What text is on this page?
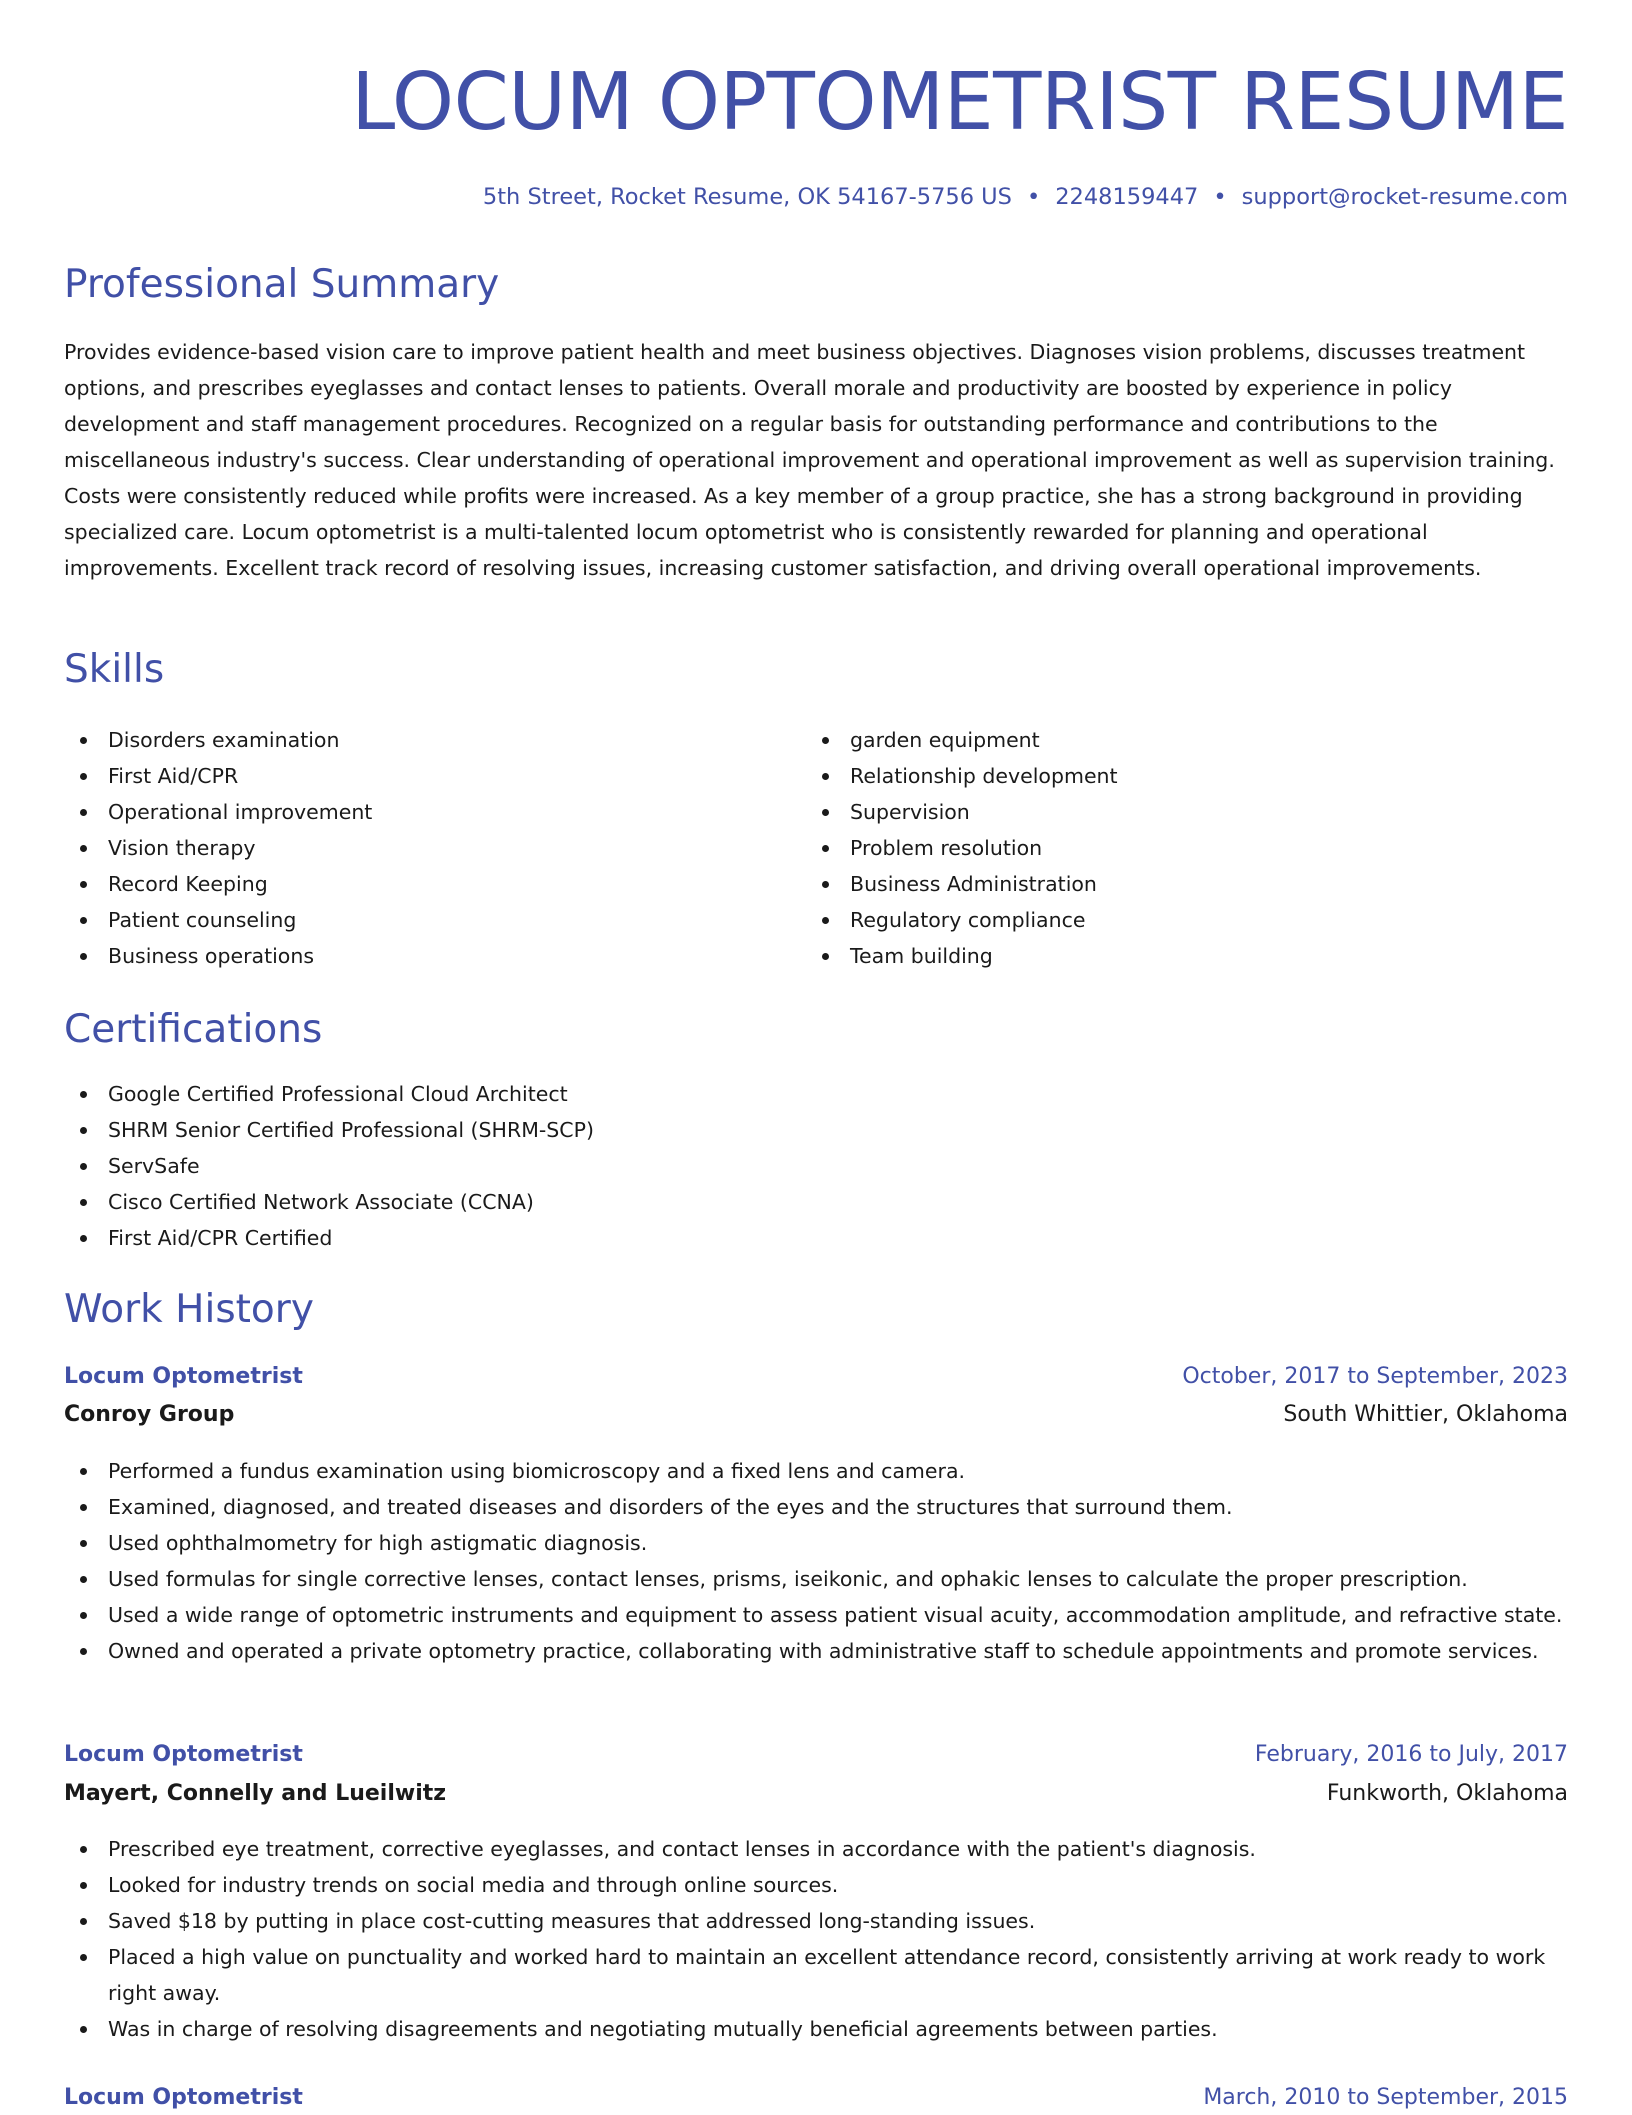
LOCUM OPTOMETRIST RESUME
5th Street, Rocket Resume, OK 54167-5756 US • 2248159447 • support@rocket-resume.com
Professional Summary

Provides evidence-based vision care to improve patient health and meet business objectives. Diagnoses vision problems, discusses treatment options, and prescribes eyeglasses and contact lenses to patients. Overall morale and productivity are boosted by experience in policy development and staff management procedures. Recognized on a regular basis for outstanding performance and contributions to the miscellaneous industry's success. Clear understanding of operational improvement and operational improvement as well as supervision training. Costs were consistently reduced while profits were increased. As a key member of a group practice, she has a strong background in providing specialized care. Locum optometrist is a multi-talented locum optometrist who is consistently rewarded for planning and operational improvements. Excellent track record of resolving issues, increasing customer satisfaction, and driving overall operational improvements.

Skills
Disorders examination
First Aid/CPR
Operational improvement
Vision therapy
Record Keeping
Patient counseling
Business operations
garden equipment
Relationship development
Supervision
Problem resolution
Business Administration
Regulatory compliance
Team building
Certifications
Google Certified Professional Cloud Architect
SHRM Senior Certified Professional (SHRM-SCP)
ServSafe
Cisco Certified Network Associate (CCNA)
First Aid/CPR Certified
Work History
Locum Optometrist	October, 2017 to September, 2023
Conroy Group	South Whittier, Oklahoma
Performed a fundus examination using biomicroscopy and a fixed lens and camera.
Examined, diagnosed, and treated diseases and disorders of the eyes and the structures that surround them.
Used ophthalmometry for high astigmatic diagnosis.
Used formulas for single corrective lenses, contact lenses, prisms, iseikonic, and ophakic lenses to calculate the proper prescription.
Used a wide range of optometric instruments and equipment to assess patient visual acuity, accommodation amplitude, and refractive state.
Owned and operated a private optometry practice, collaborating with administrative staff to schedule appointments and promote services.
Locum Optometrist	February, 2016 to July, 2017
Mayert, Connelly and Lueilwitz	Funkworth, Oklahoma
Prescribed eye treatment, corrective eyeglasses, and contact lenses in accordance with the patient's diagnosis.
Looked for industry trends on social media and through online sources.
Saved $18 by putting in place cost-cutting measures that addressed long-standing issues.
Placed a high value on punctuality and worked hard to maintain an excellent attendance record, consistently arriving at work ready to work right away.
Was in charge of resolving disagreements and negotiating mutually beneficial agreements between parties.
Locum Optometrist	March, 2010 to September, 2015
